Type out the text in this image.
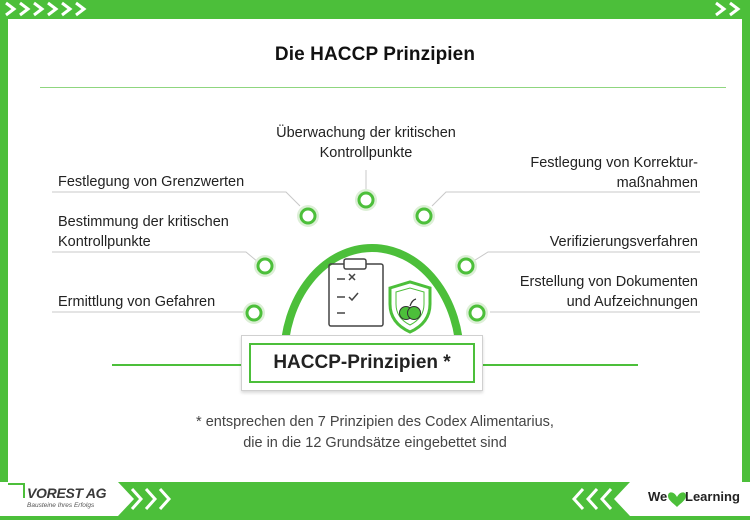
Die HACCP Prinzipien
Überwachung der kritischen
Kontrollpunkte
Festlegung von Grenzwerten
Bestimmung der kritischen
Kontrollpunkte
Ermittlung von Gefahren
Festlegung von Korrektur-
maßnahmen
Verifizierungsverfahren
Erstellung von Dokumenten
und Aufzeichnungen
HACCP-Prinzipien *
* entsprechen den 7 Prinzipien des Codex Alimentarius,
die in die 12 Grundsätze eingebettet sind
VOREST AG
Bausteine Ihres Erfolgs
We Learning
